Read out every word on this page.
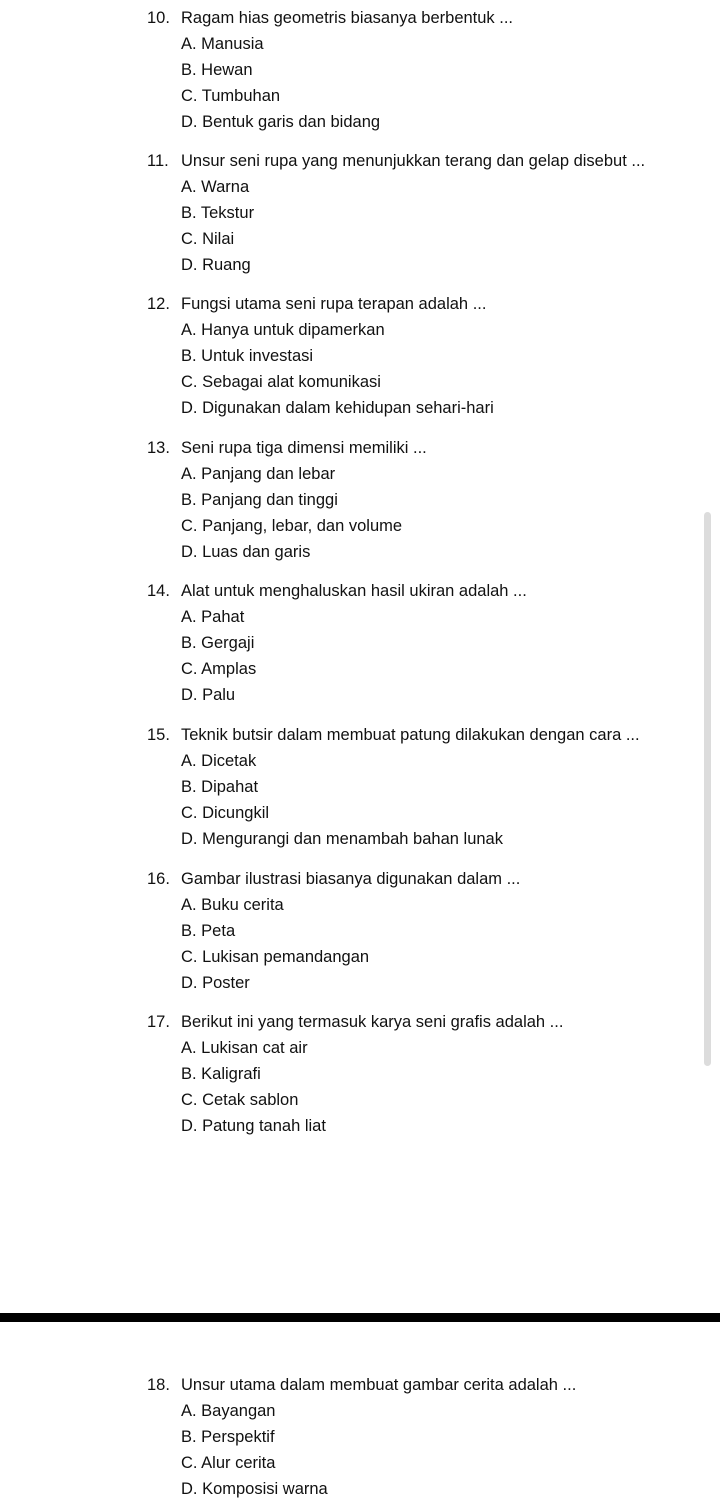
10. Ragam hias geometris biasanya berbentuk ...
A. Manusia
B. Hewan
C. Tumbuhan
D. Bentuk garis dan bidang
11. Unsur seni rupa yang menunjukkan terang dan gelap disebut ...
A. Warna
B. Tekstur
C. Nilai
D. Ruang
12. Fungsi utama seni rupa terapan adalah ...
A. Hanya untuk dipamerkan
B. Untuk investasi
C. Sebagai alat komunikasi
D. Digunakan dalam kehidupan sehari-hari
13. Seni rupa tiga dimensi memiliki ...
A. Panjang dan lebar
B. Panjang dan tinggi
C. Panjang, lebar, dan volume
D. Luas dan garis
14. Alat untuk menghaluskan hasil ukiran adalah ...
A. Pahat
B. Gergaji
C. Amplas
D. Palu
15. Teknik butsir dalam membuat patung dilakukan dengan cara ...
A. Dicetak
B. Dipahat
C. Dicungkil
D. Mengurangi dan menambah bahan lunak
16. Gambar ilustrasi biasanya digunakan dalam ...
A. Buku cerita
B. Peta
C. Lukisan pemandangan
D. Poster
17. Berikut ini yang termasuk karya seni grafis adalah ...
A. Lukisan cat air
B. Kaligrafi
C. Cetak sablon
D. Patung tanah liat
18. Unsur utama dalam membuat gambar cerita adalah ...
A. Bayangan
B. Perspektif
C. Alur cerita
D. Komposisi warna
